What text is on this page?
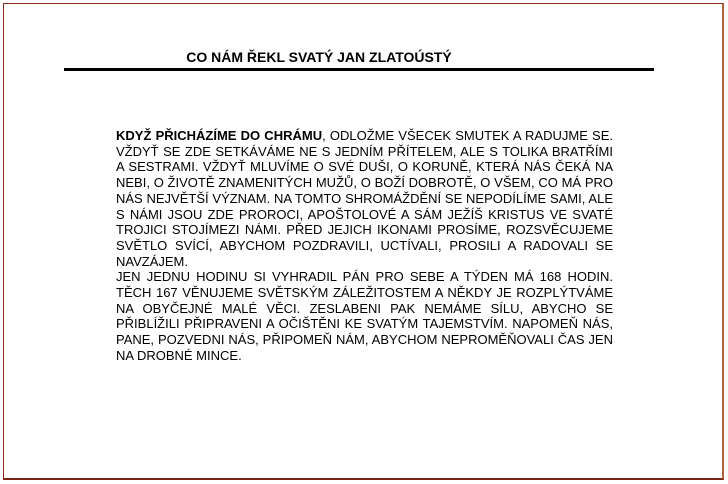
CO NÁM ŘEKL SVATÝ JAN ZLATOÚSTÝ

KDYŽ PŘICHÁZÍME DO CHRÁMU, ODLOŽME VŠECEK SMUTEK A RADUJME SE. VŽDYŤ SE ZDE SETKÁVÁME NE S JEDNÍM PŘÍTELEM, ALE S TOLIKA BRATŘÍMI A SESTRAMI. VŽDYŤ MLUVÍME O SVÉ DUŠI, O KORUNĚ, KTERÁ NÁS ČEKÁ NA NEBI, O ŽIVOTĚ ZNAMENITÝCH MUŽŮ, O BOŽÍ DOBROTĚ, O VŠEM, CO MÁ PRO NÁS NEJVĚTŠÍ VÝZNAM. NA TOMTO SHROMÁŽDĚNÍ SE NEPODÍLÍME SAMI, ALE S NÁMI JSOU ZDE PROROCI, APOŠTOLOVÉ A SÁM JEŽÍŠ KRISTUS VE SVATÉ TROJICI STOJÍMEZI NÁMI. PŘED JEJICH IKONAMI PROSÍME, ROZSVĚCUJEME SVĚTLO SVÍCÍ, ABYCHOM POZDRAVILI, UCTÍVALI, PROSILI A RADOVALI SE NAVZÁJEM.

JEN JEDNU HODINU SI VYHRADIL PÁN PRO SEBE A TÝDEN MÁ 168 HODIN. TĚCH 167 VĚNUJEME SVĚTSKÝM ZÁLEŽITOSTEM A NĚKDY JE ROZPLÝTVÁME NA OBYČEJNÉ MALÉ VĚCI. ZESLABENI PAK NEMÁME SÍLU, ABYCHO SE PŘIBLÍŽILI PŘIPRAVENI A OČIŠTĚNI KE SVATÝM TAJEMSTVÍM. NAPOMEŇ NÁS, PANE, POZVEDNI NÁS, PŘIPOMEŇ NÁM, ABYCHOM NEPROMĚŇOVALI ČAS JEN NA DROBNÉ MINCE.
